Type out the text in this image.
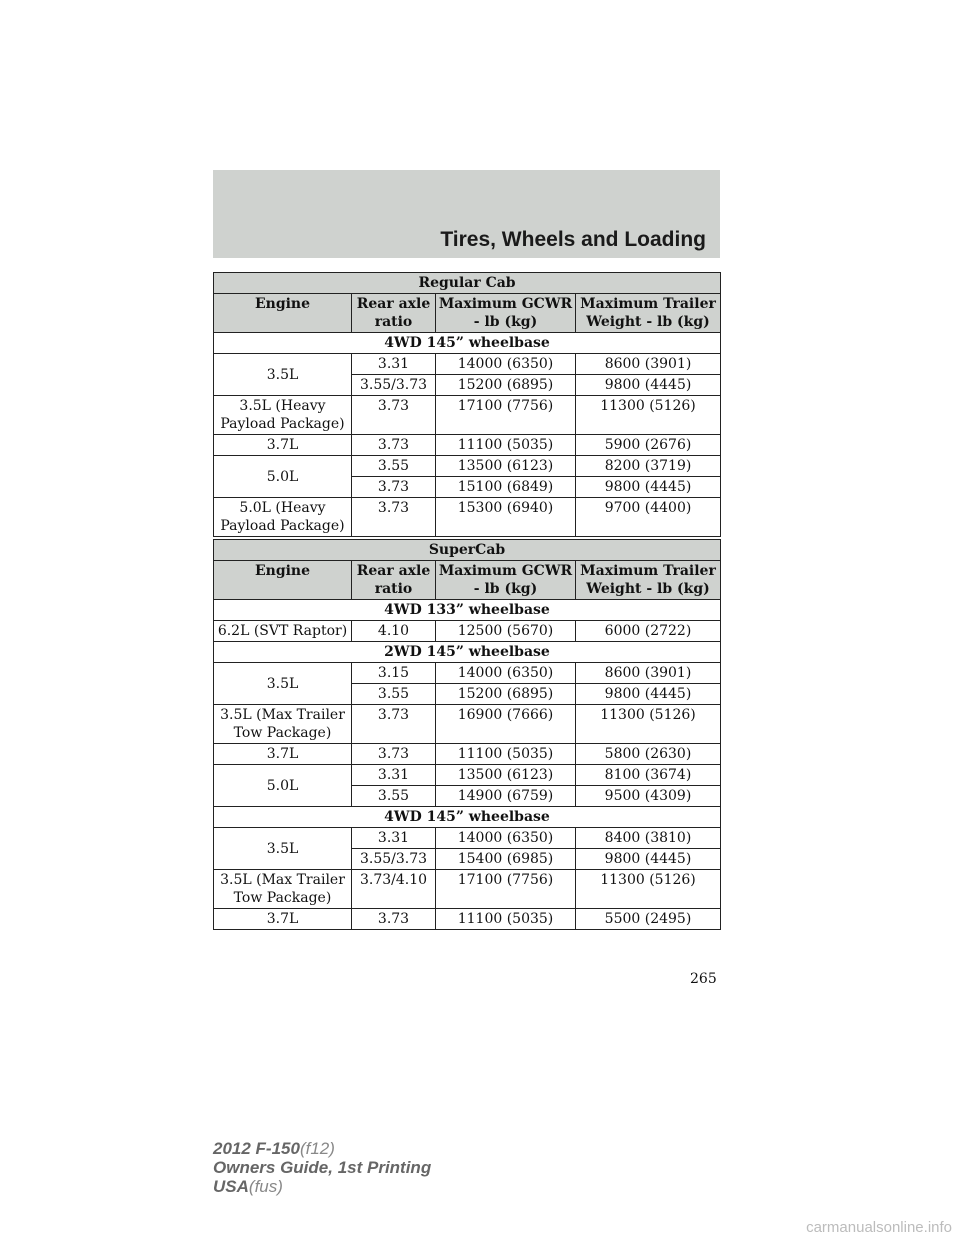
Tires, Wheels and Loading
Regular Cab			
Engine	Rear axle ratio	Maximum GCWR - lb (kg)	Maximum Trailer Weight - lb (kg)
4WD 145” wheelbase			
3.5L	3.31	14000 (6350)	8600 (3901)
	3.55/3.73	15200 (6895)	9800 (4445)
3.5L (Heavy Payload Package)	3.73	17100 (7756)	11300 (5126)
3.7L	3.73	11100 (5035)	5900 (2676)
5.0L	3.55	13500 (6123)	8200 (3719)
	3.73	15100 (6849)	9800 (4445)
5.0L (Heavy Payload Package)	3.73	15300 (6940)	9700 (4400)
SuperCab			
Engine	Rear axle ratio	Maximum GCWR - lb (kg)	Maximum Trailer Weight - lb (kg)
4WD 133” wheelbase			
6.2L (SVT Raptor)	4.10	12500 (5670)	6000 (2722)
2WD 145” wheelbase			
3.5L	3.15	14000 (6350)	8600 (3901)
	3.55	15200 (6895)	9800 (4445)
3.5L (Max Trailer Tow Package)	3.73	16900 (7666)	11300 (5126)
3.7L	3.73	11100 (5035)	5800 (2630)
5.0L	3.31	13500 (6123)	8100 (3674)
	3.55	14900 (6759)	9500 (4309)
4WD 145” wheelbase			
3.5L	3.31	14000 (6350)	8400 (3810)
	3.55/3.73	15400 (6985)	9800 (4445)
3.5L (Max Trailer Tow Package)	3.73/4.10	17100 (7756)	11300 (5126)
3.7L	3.73	11100 (5035)	5500 (2495)
265
2012 F-150(f12)
Owners Guide, 1st Printing
USA(fus)
carmanualsonline.info
